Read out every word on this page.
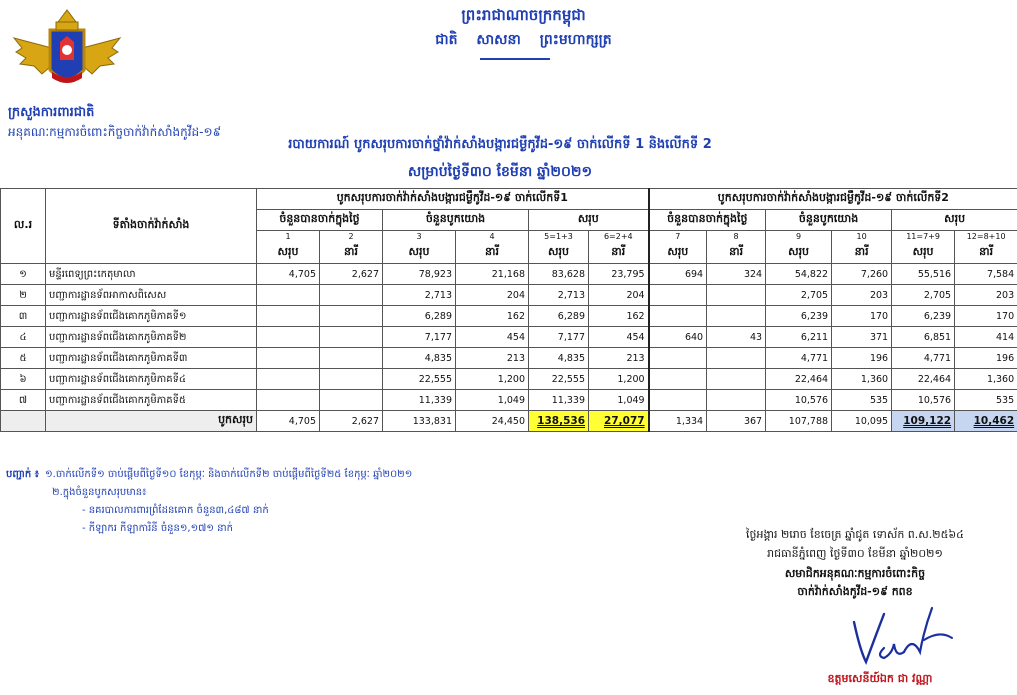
ព្រះរាជាណាចក្រកម្ពុជា
ជាតិ សាសនា ព្រះមហាក្សត្រ
ក្រសួងការពារជាតិ
អនុគណៈកម្មការចំពោះកិច្ចចាក់វ៉ាក់សាំងកូវីដ-១៩
របាយការណ៍ បូកសរុបការចាក់ថ្នាំវ៉ាក់សាំងបង្ការជម្ងឺកូវីដ-១៩ ចាក់លើកទី 1 និងលើកទី 2
សម្រាប់ថ្ងៃទី៣០ ខែមីនា ឆ្នាំ២០២១
ល.រ	ទីតាំងចាក់វ៉ាក់សាំង	បូកសរុបការចាក់វ៉ាក់សាំងបង្ការជម្ងឺកូវីដ-១៩ ចាក់លើកទី1						បូកសរុបការចាក់វ៉ាក់សាំងបង្ការជម្ងឺកូវីដ-១៩ ចាក់លើកទី2					
		ចំនួនបានចាក់ក្នុងថ្ងៃ		ចំនួនបូកយោង		សរុប		ចំនួនបានចាក់ក្នុងថ្ងៃ		ចំនួនបូកយោង		សរុប	
		1	2	3	4	5=1+3	6=2+4	7	8	9	10	11=7+9	12=8+10
		សរុប	នារី	សរុប	នារី	សរុប	នារី	សរុប	នារី	សរុប	នារី	សរុប	នារី
១	មន្ទីរពេទ្យព្រះកេតុមាលា	4,705	2,627	78,923	21,168	83,628	23,795	694	324	54,822	7,260	55,516	7,584
២	បញ្ជាការដ្ឋានទ័ពអាកាសពិសេស			2,713	204	2,713	204			2,705	203	2,705	203
៣	បញ្ជាការដ្ឋានទ័ពជើងគោកភូមិភាគទី១			6,289	162	6,289	162			6,239	170	6,239	170
៤	បញ្ជាការដ្ឋានទ័ពជើងគោកភូមិភាគទី២			7,177	454	7,177	454	640	43	6,211	371	6,851	414
៥	បញ្ជាការដ្ឋានទ័ពជើងគោកភូមិភាគទី៣			4,835	213	4,835	213			4,771	196	4,771	196
៦	បញ្ជាការដ្ឋានទ័ពជើងគោកភូមិភាគទី៤			22,555	1,200	22,555	1,200			22,464	1,360	22,464	1,360
៧	បញ្ជាការដ្ឋានទ័ពជើងគោកភូមិភាគទី៥			11,339	1,049	11,339	1,049			10,576	535	10,576	535
	បូកសរុប	4,705	2,627	133,831	24,450	138,536	27,077	1,334	367	107,788	10,095	109,122	10,462
បញ្ជាក់ ៖ ១.ចាក់លើកទី១ ចាប់ផ្តើមពីថ្ងៃទី១០ ខែកុម្ភៈ និងចាក់លើកទី២ ចាប់ផ្តើមពីថ្ងៃទី២៥ ខែកុម្ភៈ ឆ្នាំ២០២១
២.ក្នុងចំនួនបូកសរុបមាន៖
- នគរបាលការពារព្រំដែនគោក ចំនួន៣,៤៨៧ នាក់
- កីឡាករ កីឡាការិនី ចំនួន១,១៧១ នាក់	ថ្ងៃអង្គារ ២រោច ខែចេត្រ ឆ្នាំជូត ទោស័ក ព.ស.២៥៦៤
រាជធានីភ្នំពេញ ថ្ងៃទី៣០ ខែមីនា ឆ្នាំ២០២១
សមាជិកអនុគណៈកម្មការចំពោះកិច្ច
ចាក់វ៉ាក់សាំងកូវីដ-១៩ កពខ
ឧត្តមសេនីយ៍ឯក ជា វណ្ណា
